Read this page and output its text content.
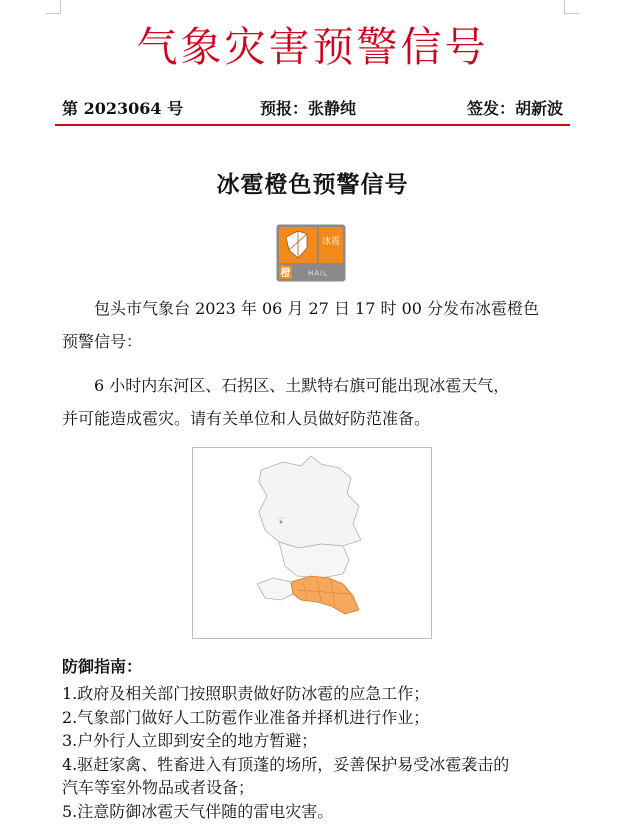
气象灾害预警信号
第 2023064 号	预报：张静纯	签发：胡新波
冰雹橙色预警信号
冰雹
橙 HAIL
包头市气象台 2023 年 06 月 27 日 17 时 00 分发布冰雹橙色
预警信号：
6 小时内东河区、石拐区、土默特右旗可能出现冰雹天气，
并可能造成雹灾。请有关单位和人员做好防范准备。
防御指南：
1.政府及相关部门按照职责做好防冰雹的应急工作；
2.气象部门做好人工防雹作业准备并择机进行作业；
3.户外行人立即到安全的地方暂避；
4.驱赶家禽、牲畜进入有顶蓬的场所，妥善保护易受冰雹袭击的
汽车等室外物品或者设备；
5.注意防御冰雹天气伴随的雷电灾害。
